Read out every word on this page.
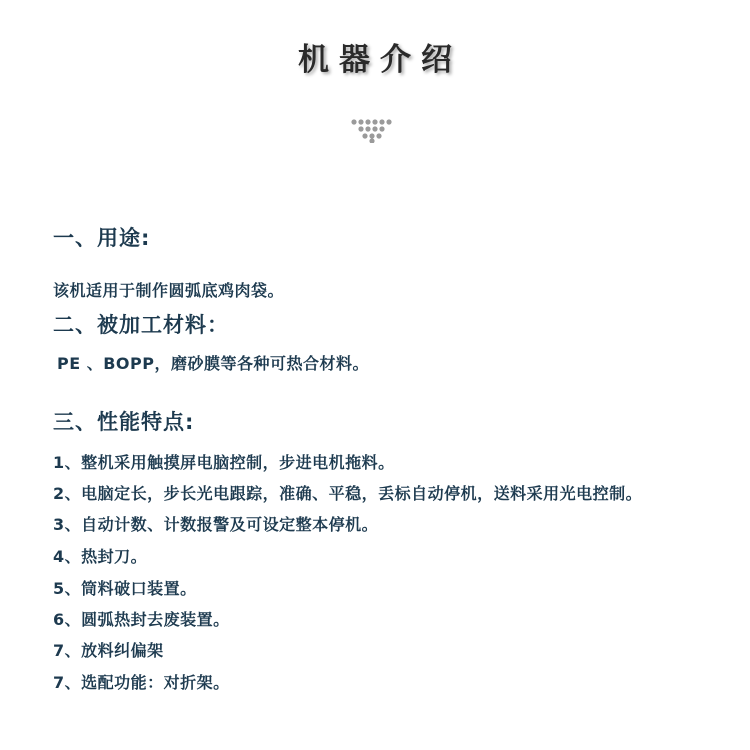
机器介绍
一、用途:
该机适用于制作圆弧底鸡肉袋。
二、被加工材料：
PE 、BOPP，磨砂膜等各种可热合材料。
三、性能特点:
1、整机采用触摸屏电脑控制，步进电机拖料。
2、电脑定长，步长光电跟踪，准确、平稳，丢标自动停机，送料采用光电控制。
3、自动计数、计数报警及可设定整本停机。
4、热封刀。
5、筒料破口装置。
6、圆弧热封去废装置。
7、放料纠偏架
7、选配功能：对折架。
